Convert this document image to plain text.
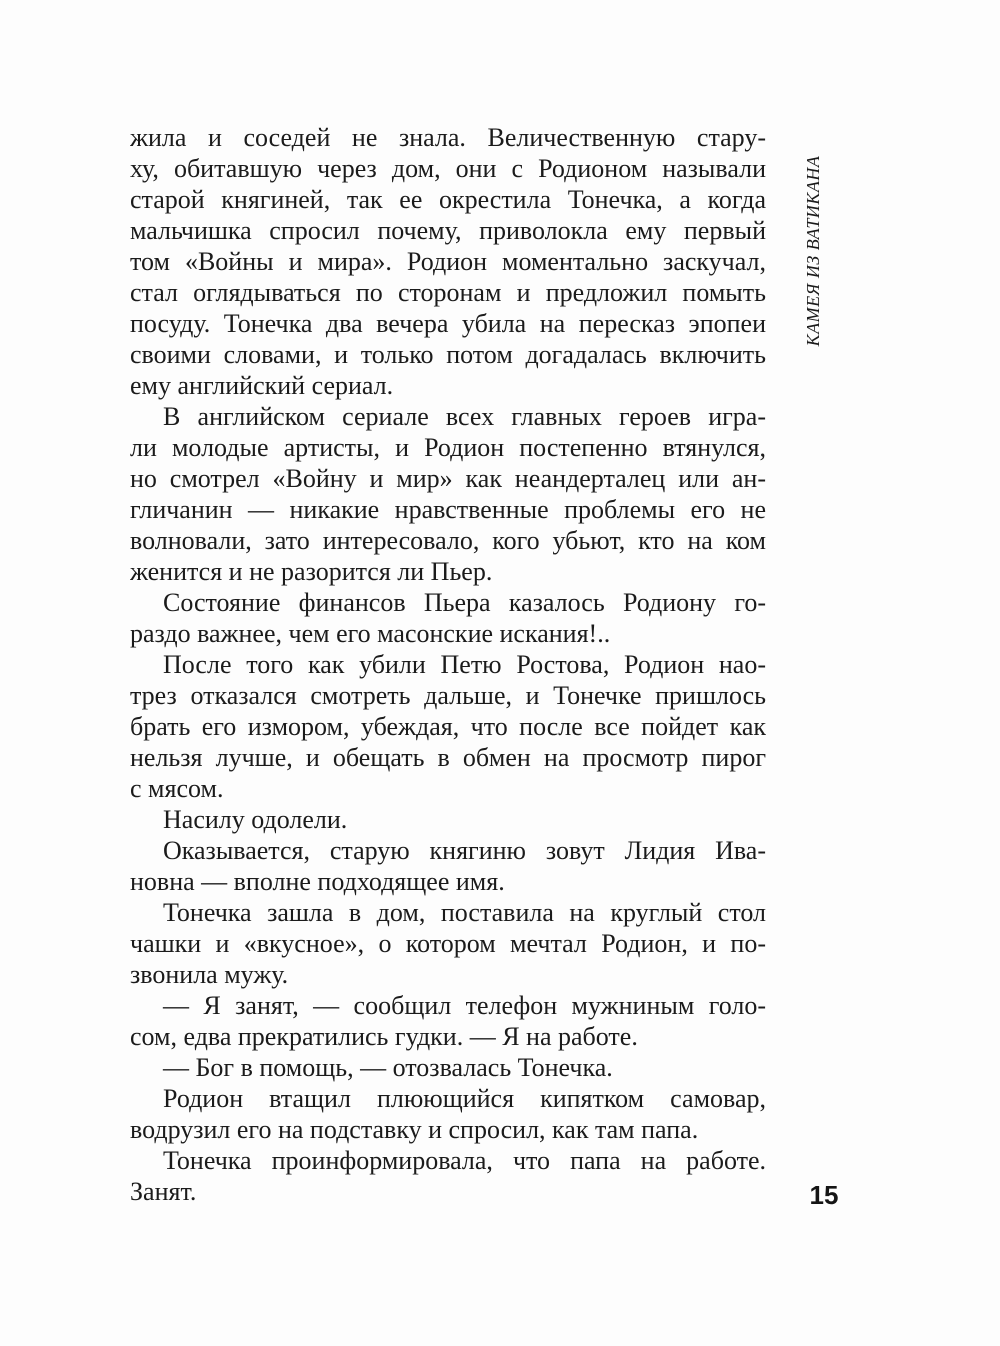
жила и соседей не знала. Величественную стару-
ху, обитавшую через дом, они с Родионом называли
старой княгиней, так ее окрестила Тонечка, а когда
мальчишка спросил почему, приволокла ему первый
том «Войны и мира». Родион моментально заскучал,
стал оглядываться по сторонам и предложил помыть
посуду. Тонечка два вечера убила на пересказ эпопеи
своими словами, и только потом догадалась включить
ему английский сериал.
В английском сериале всех главных героев игра-
ли молодые артисты, и Родион постепенно втянулся,
но смотрел «Войну и мир» как неандерталец или ан-
гличанин — никакие нравственные проблемы его не
волновали, зато интересовало, кого убьют, кто на ком
женится и не разорится ли Пьер.
Состояние финансов Пьера казалось Родиону го-
раздо важнее, чем его масонские искания!..
После того как убили Петю Ростова, Родион нао-
трез отказался смотреть дальше, и Тонечке пришлось
брать его измором, убеждая, что после все пойдет как
нельзя лучше, и обещать в обмен на просмотр пирог
с мясом.
Насилу одолели.
Оказывается, старую княгиню зовут Лидия Ива-
новна — вполне подходящее имя.
Тонечка зашла в дом, поставила на круглый стол
чашки и «вкусное», о котором мечтал Родион, и по-
звонила мужу.
— Я занят, — сообщил телефон мужниным голо-
сом, едва прекратились гудки. — Я на работе.
— Бог в помощь, — отозвалась Тонечка.
Родион втащил плюющийся кипятком самовар,
водрузил его на подставку и спросил, как там папа.
Тонечка проинформировала, что папа на работе.
Занят.
КАМЕЯ ИЗ ВАТИКАНА
15
